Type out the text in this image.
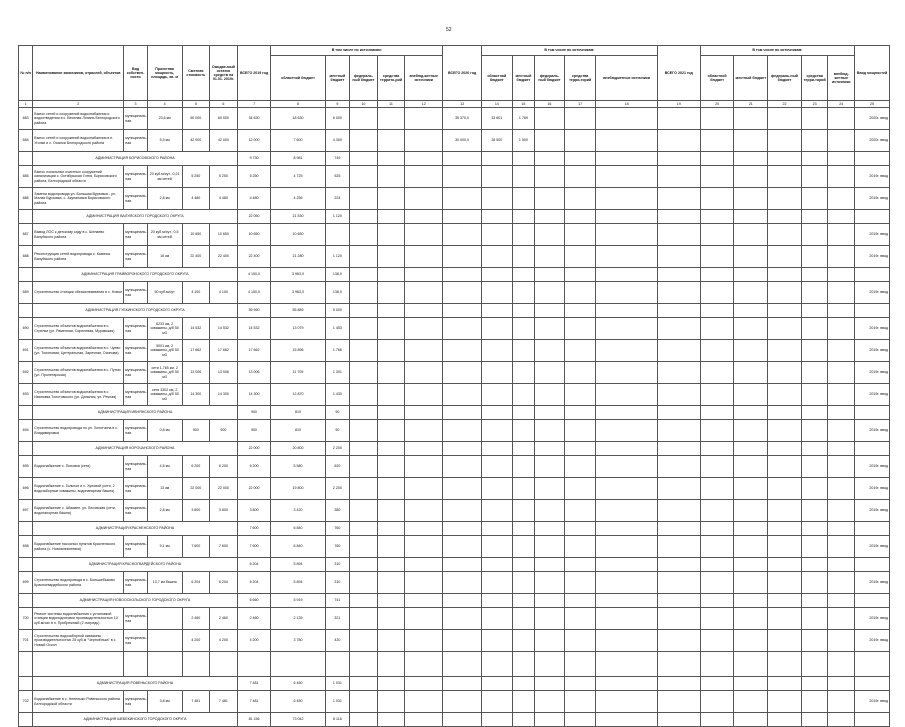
52
№ п/п	Наименование заказчиков, отраслей, объектов	Вид собствен-ности	Проектная мощность, площадь, кв. м	Сметная стоимость	Ожидае-мый остаток средств на 01.01. 2019г.	ВСЕГО 2019 год	В том числе по источникам:					ВСЕГО 2020 год	В том числе по источникам:					ВСЕГО 2021 год	В том числе по источникам:					Ввод мощностей
							областной бюджет	местный бюджет	федераль-ный бюджет	средства террито-рий	внебюд-жетные источники		областной бюджет	местный бюджет	федераль-ный бюджет	средства терри-торий	внебюджетные источники		областной бюджет	местный бюджет	федераль-ный бюджет	средства терри-торий	внебюд-жетные источники	
1	2	3	4	5	6	7	8	9	10	11	12	13	14	15	16	17	18	19	20	21	22	23	24	25
683	Вынос сетей и сооружений водоснабжения и водоотведения в с. Веселая Лопань Белгородского района	муниципаль-ная	23,6 км	60 000	60 000	34 630	18 630	6 000				35 370,0	33 601	1 769										2020г. ввод
684	Вынос сетей и сооружений водоснабжения в п. Уголки и с. Осыпки Белгородского района	муниципаль-ная	5,5 км	42 000	42 000	12 000	7 600	4 300				30 000,0	28 500	1 500										2020г. ввод
	АДМИНИСТРАЦИЯ БОРИСОВСКОГО РАЙОНА					9 730	8 981	749																
685	Вынос локальных очистных сооружений канализации с. Октябрьская Готня, Борисовского района, Белгородской области	муниципаль-ная	20 куб.м/сут., 0,21 км сетей	5 250	5 250	5 250	4 725	525																2019г. ввод
686	Замена водопровода ул. Большая Вурзовка - ул. Малая Бурзовка, с. Акулиновка Борисовского района	муниципаль-ная	2,8 км	4 480	4 480	4 480	4 256	224																2019г. ввод
	АДМИНИСТРАЦИЯ ВАЛУЙСКОГО ГОРОДСКОГО ОКРУГА					22 050	21 530	1 120																
687	Вывод ЛОС к детскому саду в с. Шелаево Валуйского района	муниципаль-ная	20 куб.м/сут., 0,5 км сетей	10 650	10 650	10 650	10 650																	2019г. ввод
688	Реконструкция сетей водопровода с. Казинка Валуйского района	муниципаль-ная	16 км	22 400	22 400	22 400	21 280	1 120																2019г. ввод
	АДМИНИСТРАЦИЯ ГРАЙВОРОНСКОГО ГОРОДСКОГО ОКРУГА					4 100,0	3 963,0	136,0																
689	Строительство станции обезжелезивания в с. Новое	муниципаль-ная	50 куб.м/сут	4 100	4 100	4 100,0	3 963,0	136,0																2019г. ввод
	АДМИНИСТРАЦИЯ ГУБКИНСКОГО ГОРОДСКОГО ОКРУГА					59 990	55 889	5 000																
690	Строительство объектов водоснабжения в с. Стрелки (ул. Раменная, Сиреневая, Муравская)	муниципаль-ная	6233 км, 2 скважины, д/б 50 м3	14 532	14 532	14 532	13 079	1 453																2019г. ввод
691	Строительство объектов водоснабжения в с. Чуево (ул. Тихоновая, Центральная, Заречная, Осипова)	муниципаль-ная	5001 км, 2 скважины, д/б 50 м3	17 662	17 662	17 662	15 896	1 766																2019г. ввод
692	Строительство объектов водоснабжения в с. Пупчи (ул. Пролетарская)	муниципаль-ная	сети 1,765 км, 2 скважины, д/б 50 м3	13 006	13 006	13 006	11 705	1 301																2019г. ввод
693	Строительство объектов водоснабжения в с. Ивановка Толстовского (ул. Дальняя, ул. Речная)	муниципаль-ная	сети 3302 км, 2 скважины, д/б 50 м3	14 300	14 300	14 300	12 870	1 430																2019г. ввод
	АДМИНИСТРАЦИЯ ИВНЯНСКОГО РАЙОНА					900	810	90																
694	Строительство водопровода по ул. Золотчина в с. Владимировка	муниципаль-ная	0,8 км	900	900	900	810	90																2019г. ввод
	АДМИНИСТРАЦИЯ КОРОЧАНСКОГО РАЙОНА					22 000	20 800	2 200																
695	Водоснабжение с. Поповка (сети)	муниципаль-ная	4,5 км	6 200	6 200	6 200	5 580	620																2019г. ввод
696	Водоснабжение с. Гольное и х. Хуловой (сети, 2 водозаборные скважины, водонапорная башня)	муниципаль-ная	13 км	22 000	22 000	22 000	19 800	2 200																2019г. ввод
697	Водоснабжение с. Абакмен. ул. Лесовская (сети, водонапорная башня)	муниципаль-ная	2,8 км	3 800	3 800	3 800	3 420	380																2019г. ввод
	АДМИНИСТРАЦИЯ КРАСНЕНСКОГО РАЙОНА					7 600	6 840	760																
698	Водоснабжение насосных пунктов Красненского района (с. Новоалексеевка)	муниципаль-ная	9,1 км	7 600	7 600	7 600	6 840	760																2019г. ввод
	АДМИНИСТРАЦИЯ КРАСНОГВАРДЕЙСКОГО РАЙОНА					6 204	5 894	310																
699	Строительство водопровода в с. Большебыково Красногвардейского района	муниципаль-ная	13,7 км башня	6 204	6 204	6 204	5 894	310																2019г. ввод
	АДМИНИСТРАЦИЯ НОВООСКОЛЬСКОГО ГОРОДСКОГО ОКРУГА					6 660	5 919	741																
700	Ремонт системы водоснабжения с установкой станции водоподготовки производительностью 10 куб.м/час в п. Прибрежный (2 очередь)	муниципаль-ная		2 460	2 460	2 460	2 139	321																2019г. ввод
701	Строительство водозаборной скважины производительностью 25 куб.м "Черноёлька" в с. Новый Оскол	муниципаль-ная		4 200	4 200	4 200	3 780	420																2019г. ввод

	АДМИНИСТРАЦИЯ РОВЕНЬСКОГО РАЙОНА					7 481	6 450	1 031																
702	Водоснабжение в с. Ненелыко Ровеньского района Белгородской области	муниципаль-ная	3,8 км	7 481	7 481	7 481	6 450	1 031																2019г. ввод
	АДМИНИСТРАЦИЯ ШЕБЕКИНСКОГО ГОРОДСКОГО ОКРУГА					81 156	73 042	8 116																
